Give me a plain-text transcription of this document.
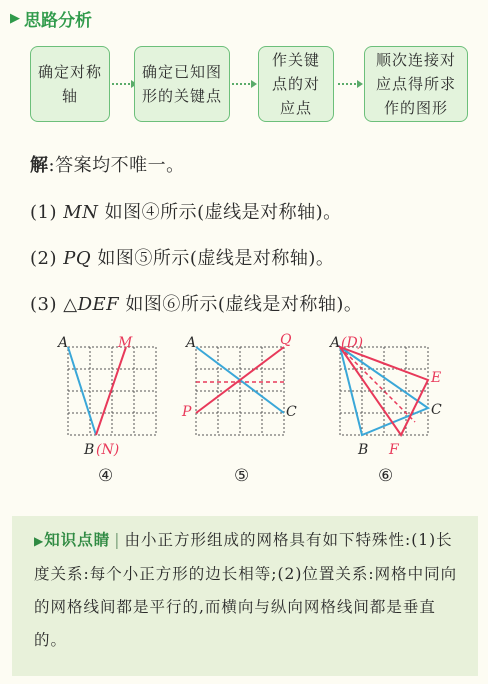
▶ 思路分析
确定对称轴
确定已知图形的关键点
作关键点的对应点
顺次连接对应点得所求作的图形
解:答案均不唯一。
(1) MN 如图④所示(虚线是对称轴)。
(2) PQ 如图⑤所示(虚线是对称轴)。
(3) △DEF 如图⑥所示(虚线是对称轴)。
A	M
B (N)
④
A	Q
P	C
⑤
A (D)
E
C
B F
⑥
▶知识点睛 | 由小正方形组成的网格具有如下特殊性:(1)长度关系:每个小正方形的边长相等;(2)位置关系:网格中同向的网格线间都是平行的,而横向与纵向网格线间都是垂直的。
